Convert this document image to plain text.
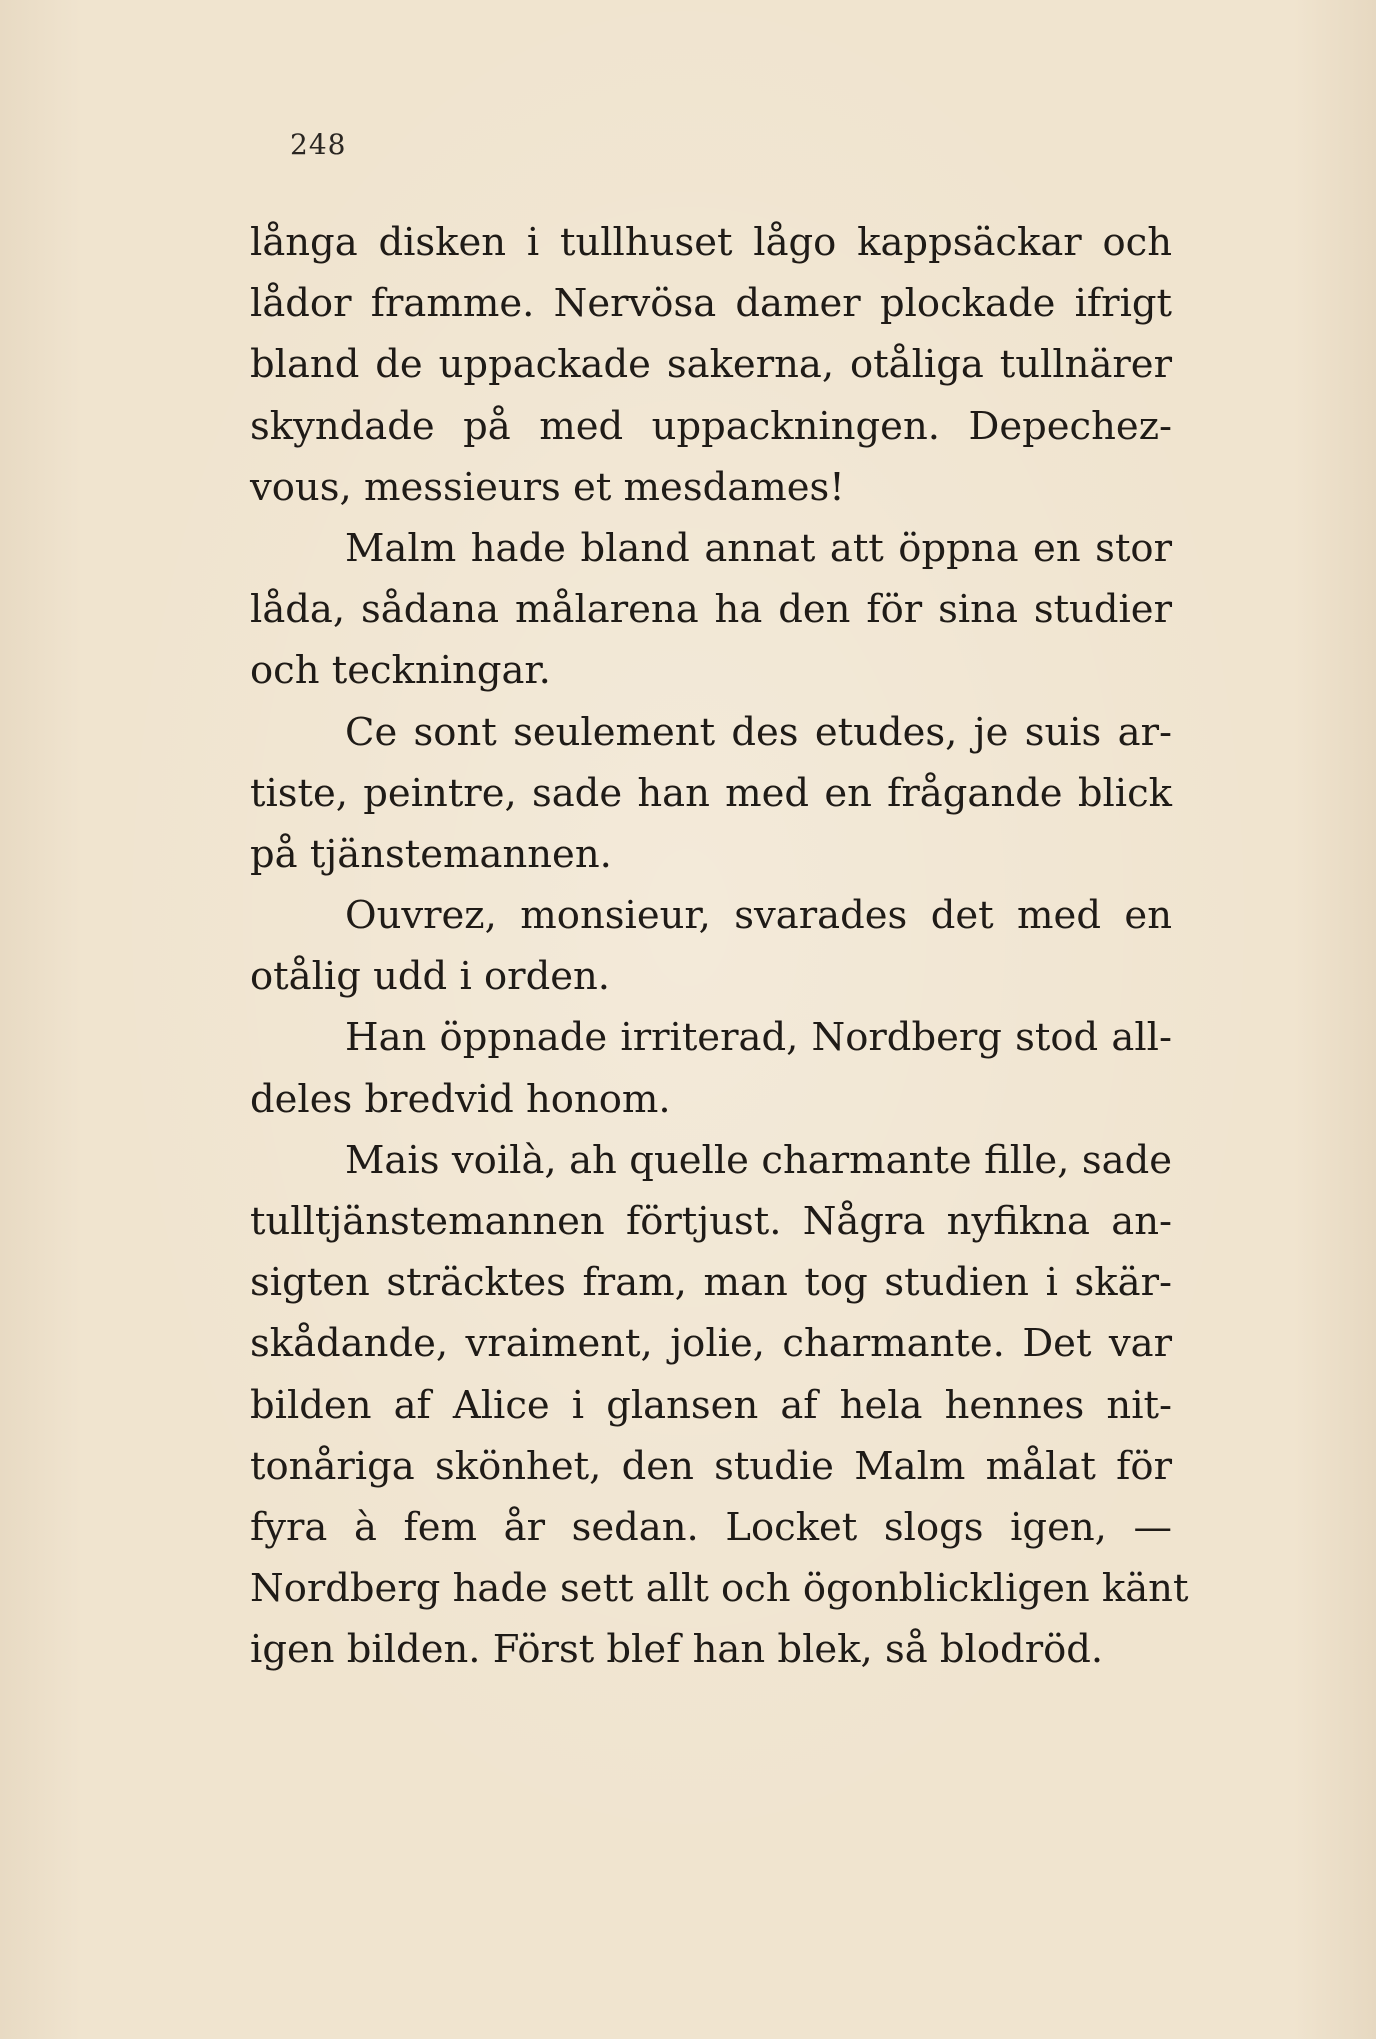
248
långa disken i tullhuset lågo kappsäckar och
lådor framme. Nervösa damer plockade ifrigt
bland de uppackade sakerna, otåliga tullnärer
skyndade på med uppackningen. Depechez-
vous, messieurs et mesdames!
Malm hade bland annat att öppna en stor
låda, sådana målarena ha den för sina studier
och teckningar.
Ce sont seulement des etudes, je suis ar-
tiste, peintre, sade han med en frågande blick
på tjänstemannen.
Ouvrez, monsieur, svarades det med en
otålig udd i orden.
Han öppnade irriterad, Nordberg stod all-
deles bredvid honom.
Mais voilà, ah quelle charmante fille, sade
tulltjänstemannen förtjust. Några nyfikna an-
sigten sträcktes fram, man tog studien i skär-
skådande, vraiment, jolie, charmante. Det var
bilden af Alice i glansen af hela hennes nit-
tonåriga skönhet, den studie Malm målat för
fyra à fem år sedan. Locket slogs igen, —
Nordberg hade sett allt och ögonblickligen känt
igen bilden. Först blef han blek, så blodröd.
